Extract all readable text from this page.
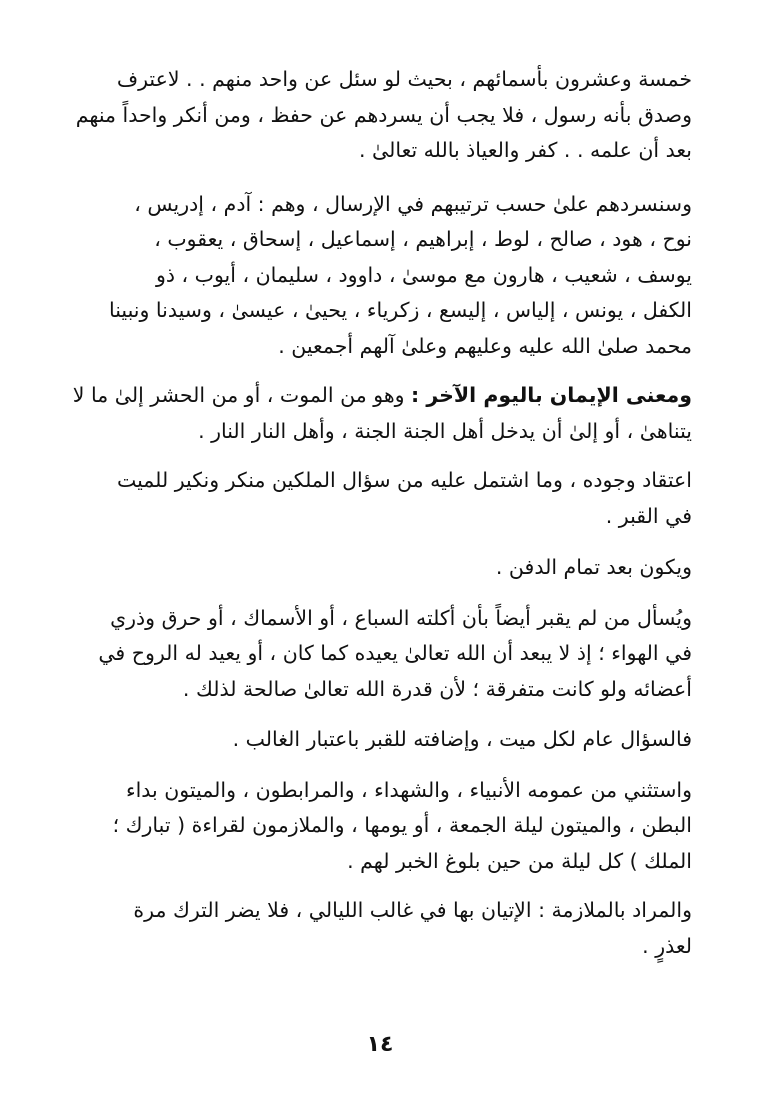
خمسة وعشرون بأسمائهم ، بحيث لو سئل عن واحد منهم . . لاعترف
وصدق بأنه رسول ، فلا يجب أن يسردهم عن حفظ ، ومن أنكر واحداً منهم
بعد أن علمه . . كفر والعياذ بالله تعالىٰ .

وسنسردهم علىٰ حسب ترتيبهم في الإرسال ، وهم : آدم ، إدريس ،
نوح ، هود ، صالح ، لوط ، إبراهيم ، إسماعيل ، إسحاق ، يعقوب ،
يوسف ، شعيب ، هارون مع موسىٰ ، داوود ، سليمان ، أيوب ، ذو
الكفل ، يونس ، إلياس ، إليسع ، زكرياء ، يحيىٰ ، عيسىٰ ، وسيدنا ونبينا
محمد صلىٰ الله عليه وعليهم وعلىٰ آلهم أجمعين .

ومعنى الإيمان باليوم الآخر : وهو من الموت ، أو من الحشر إلىٰ ما لا
يتناهىٰ ، أو إلىٰ أن يدخل أهل الجنة الجنة ، وأهل النار النار .

اعتقاد وجوده ، وما اشتمل عليه من سؤال الملكين منكر ونكير للميت
في القبر .

ويكون بعد تمام الدفن .

ويُسأل من لم يقبر أيضاً بأن أكلته السباع ، أو الأسماك ، أو حرق وذري
في الهواء ؛ إذ لا يبعد أن الله تعالىٰ يعيده كما كان ، أو يعيد له الروح في
أعضائه ولو كانت متفرقة ؛ لأن قدرة الله تعالىٰ صالحة لذلك .

فالسؤال عام لكل ميت ، وإضافته للقبر باعتبار الغالب .

واستثني من عمومه الأنبياء ، والشهداء ، والمرابطون ، والميتون بداء
البطن ، والميتون ليلة الجمعة ، أو يومها ، والملازمون لقراءة ( تبارك ؛
الملك ) كل ليلة من حين بلوغ الخبر لهم .

والمراد بالملازمة : الإتيان بها في غالب الليالي ، فلا يضر الترك مرة
لعذرٍ .

١٤
